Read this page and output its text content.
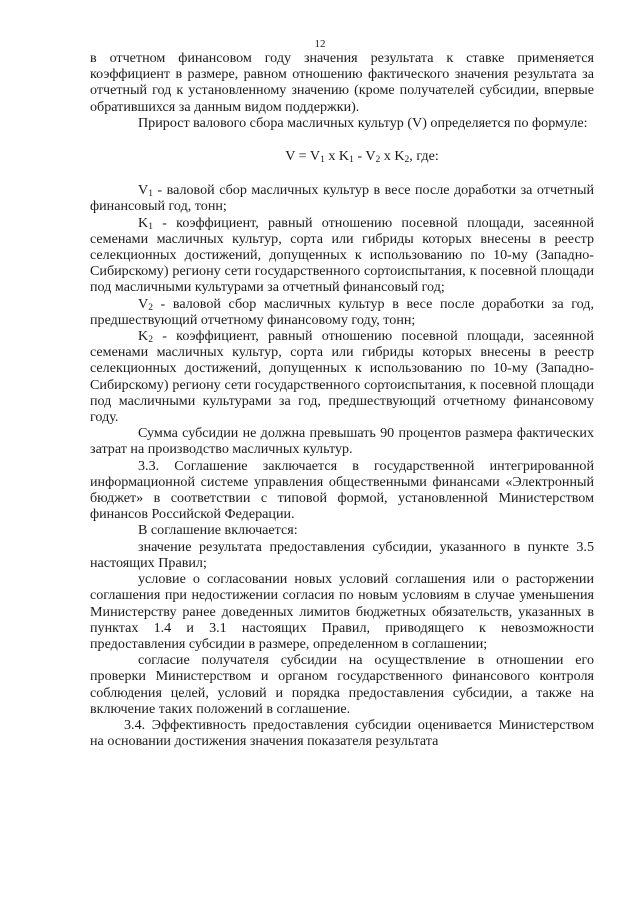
12

в отчетном финансовом году значения результата к ставке применяется коэффициент в размере, равном отношению фактического значения результата за отчетный год к установленному значению (кроме получателей субсидии, впервые обратившихся за данным видом поддержки).

Прирост валового сбора масличных культур (V) определяется по формуле:

$V = V_1$ x $K_1 - V_2$ x $K_2$, где:

$V_1$ - валовой сбор масличных культур в весе после доработки за отчетный финансовый год, тонн;

$K_1$ - коэффициент, равный отношению посевной площади, засеянной семенами масличных культур, сорта или гибриды которых внесены в реестр селекционных достижений, допущенных к использованию по 10-му (Западно-Сибирскому) региону сети государственного сортоиспытания, к посевной площади под масличными культурами за отчетный финансовый год;

$V_2$ - валовой сбор масличных культур в весе после доработки за год, предшествующий отчетному финансовому году, тонн;

$K_2$ - коэффициент, равный отношению посевной площади, засеянной семенами масличных культур, сорта или гибриды которых внесены в реестр селекционных достижений, допущенных к использованию по 10-му (Западно-Сибирскому) региону сети государственного сортоиспытания, к посевной площади под масличными культурами за год, предшествующий отчетному финансовому году.

Сумма субсидии не должна превышать 90 процентов размера фактических затрат на производство масличных культур.

3.3. Соглашение заключается в государственной интегрированной информационной системе управления общественными финансами «Электронный бюджет» в соответствии с типовой формой, установленной Министерством финансов Российской Федерации.

В соглашение включается:

значение результата предоставления субсидии, указанного в пункте 3.5 настоящих Правил;

условие о согласовании новых условий соглашения или о расторжении соглашения при недостижении согласия по новым условиям в случае уменьшения Министерству ранее доведенных лимитов бюджетных обязательств, указанных в пунктах 1.4 и 3.1 настоящих Правил, приводящего к невозможности предоставления субсидии в размере, определенном в соглашении;

согласие получателя субсидии на осуществление в отношении его проверки Министерством и органом государственного финансового контроля соблюдения целей, условий и порядка предоставления субсидии, а также на включение таких положений в соглашение.

3.4. Эффективность предоставления субсидии оценивается Министерством на основании достижения значения показателя результата
